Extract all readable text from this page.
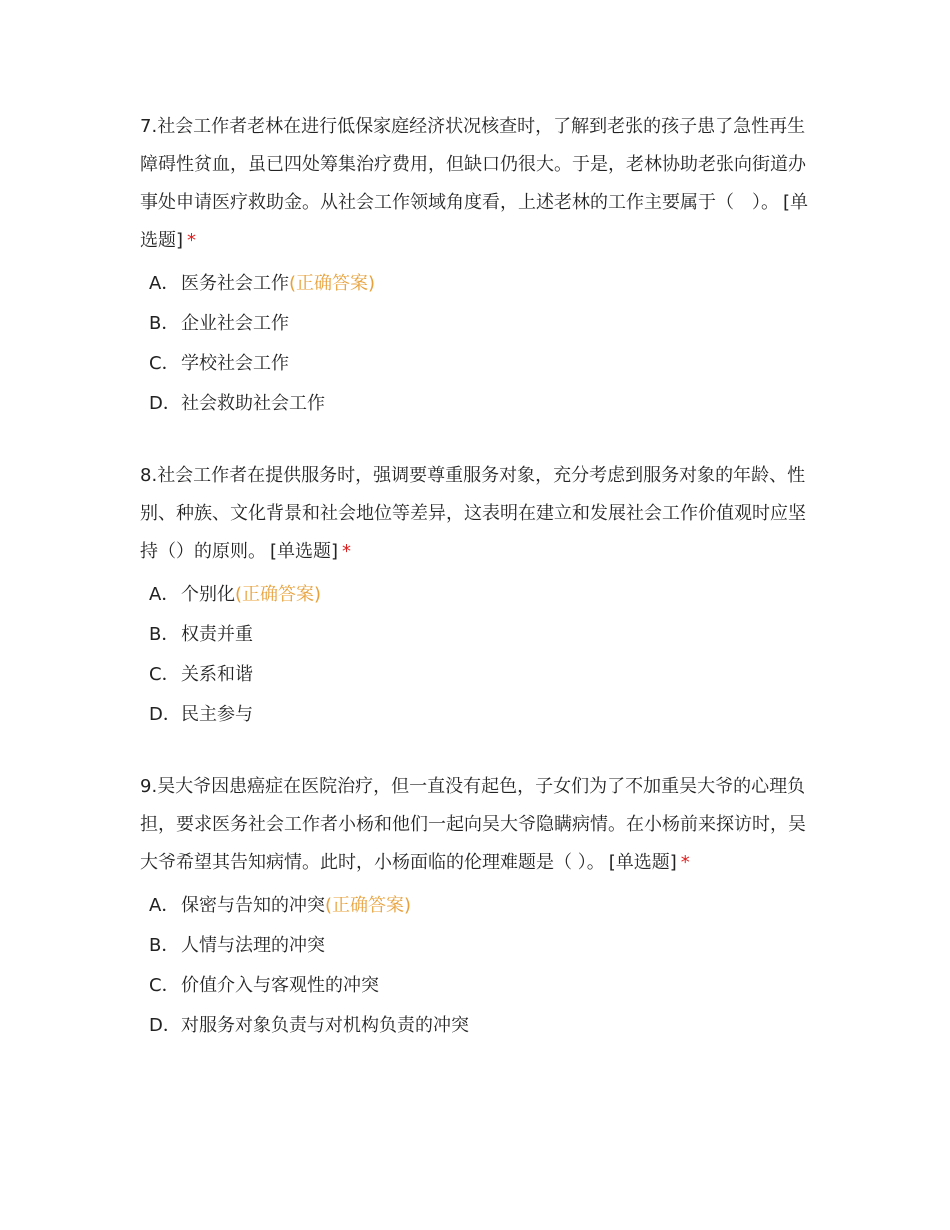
7.社会工作者老林在进行低保家庭经济状况核查时，了解到老张的孩子患了急性再生障碍性贫血，虽已四处筹集治疗费用，但缺口仍很大。于是，老林协助老张向街道办事处申请医疗救助金。从社会工作领域角度看，上述老林的工作主要属于（　）。 [单选题] *

A．医务社会工作(正确答案)
B．企业社会工作
C．学校社会工作
D．社会救助社会工作

8.社会工作者在提供服务时，强调要尊重服务对象，充分考虑到服务对象的年龄、性别、种族、文化背景和社会地位等差异，这表明在建立和发展社会工作价值观时应坚持（）的原则。 [单选题] *

A．个别化(正确答案)
B．权责并重
C．关系和谐
D．民主参与

9.吴大爷因患癌症在医院治疗，但一直没有起色，子女们为了不加重吴大爷的心理负担，要求医务社会工作者小杨和他们一起向吴大爷隐瞒病情。在小杨前来探访时，吴大爷希望其告知病情。此时，小杨面临的伦理难题是（ ）。 [单选题] *

A．保密与告知的冲突(正确答案)
B．人情与法理的冲突
C．价值介入与客观性的冲突
D．对服务对象负责与对机构负责的冲突
